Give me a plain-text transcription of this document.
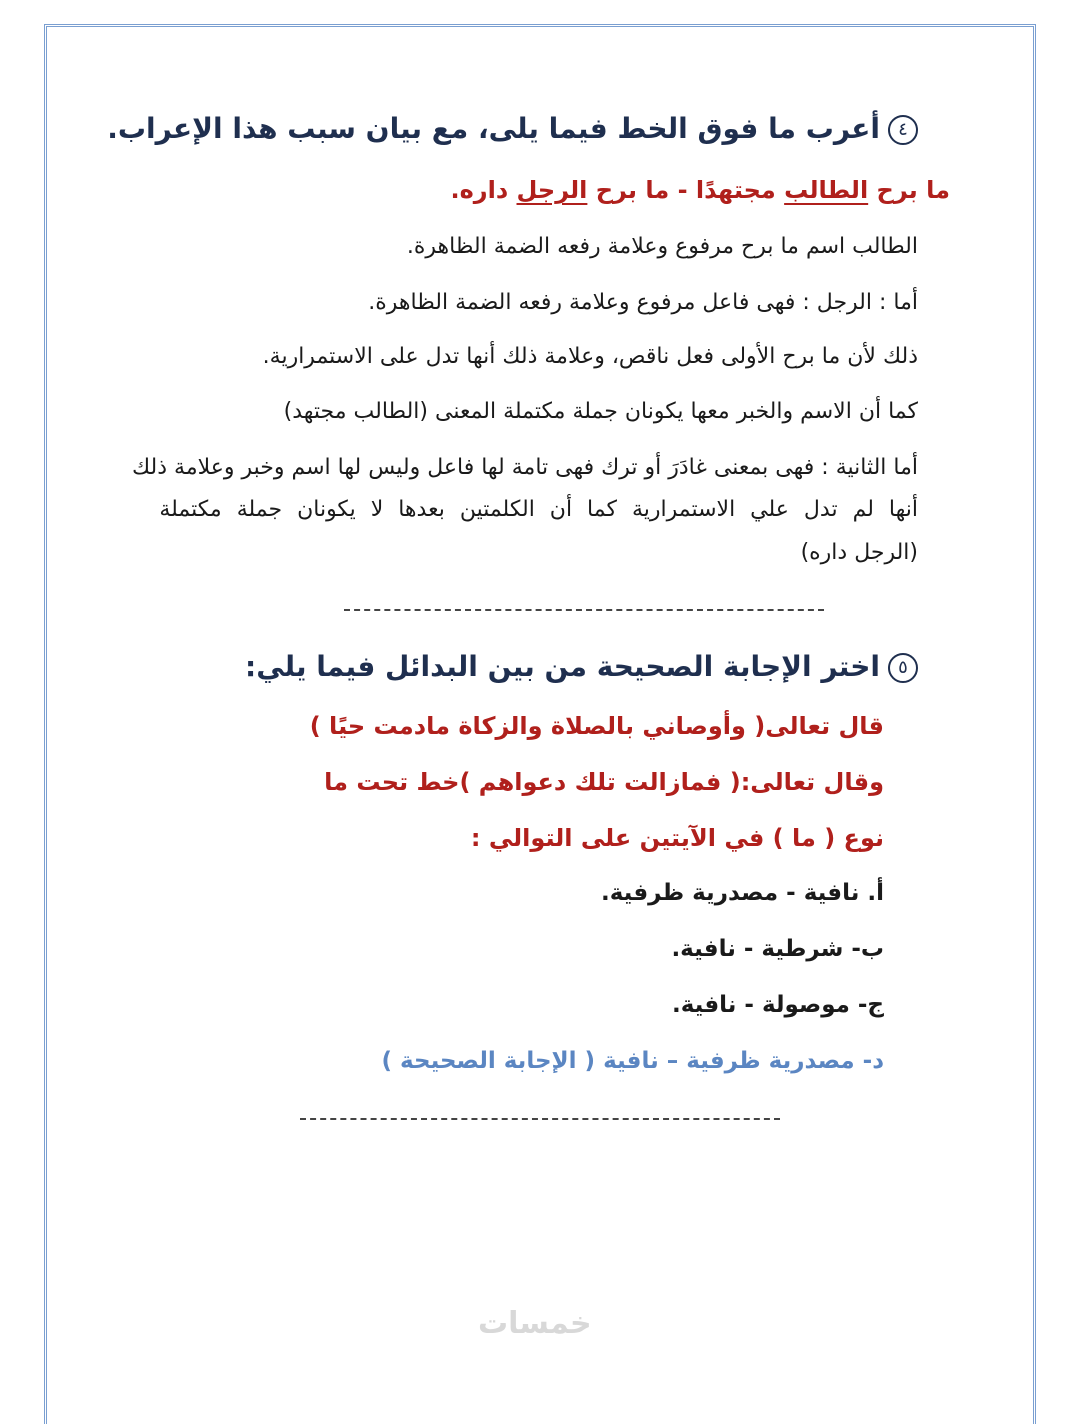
٤أعرب ما فوق الخط فيما يلى، مع بيان سبب هذا الإعراب.
ما برح الطالب مجتهدًا - ما برح الرجل داره.
الطالب اسم ما برح مرفوع وعلامة رفعه الضمة الظاهرة.
أما : الرجل : فهى فاعل مرفوع وعلامة رفعه الضمة الظاهرة.
ذلك لأن ما برح الأولى فعل ناقص، وعلامة ذلك أنها تدل على الاستمرارية.
كما أن الاسم والخبر معها يكونان جملة مكتملة المعنى (الطالب مجتهد)
أما الثانية : فهى بمعنى غادَرَ أو ترك فهى تامة لها فاعل وليس لها اسم وخبر وعلامة ذلك
أنها لم تدل علي الاستمرارية كما أن الكلمتين بعدها لا يكونان جملة مكتملة
(الرجل داره)
٥اختر الإجابة الصحيحة من بين البدائل فيما يلي:
قال تعالى( وأوصاني بالصلاة والزكاة مادمت حيًا )
وقال تعالى:( فمازالت تلك دعواهم )خط تحت ما
نوع ( ما ) في الآيتين على التوالي :
أ. نافية - مصدرية ظرفية.
ب- شرطية - نافية.
ج- موصولة - نافية.
د- مصدرية ظرفية – نافية ( الإجابة الصحيحة )
خمسات
